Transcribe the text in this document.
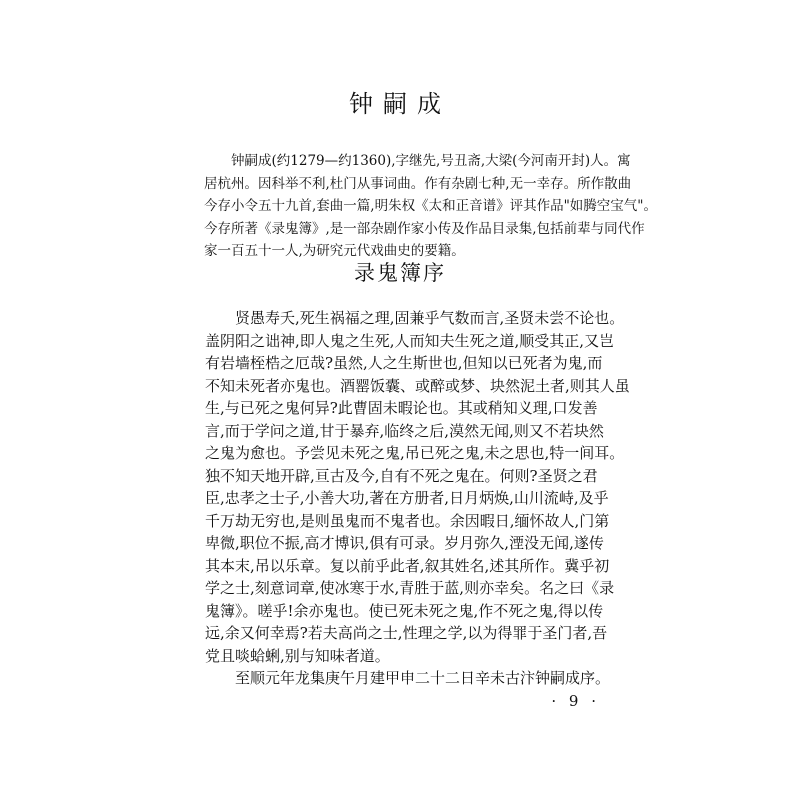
钟嗣成
钟嗣成(约1279—约1360),字继先,号丑斋,大梁(今河南开封)人。寓
居杭州。因科举不利,杜门从事词曲。作有杂剧七种,无一幸存。所作散曲
今存小令五十九首,套曲一篇,明朱权《太和正音谱》评其作品"如腾空宝气"。
今存所著《录鬼簿》,是一部杂剧作家小传及作品目录集,包括前辈与同代作
家一百五十一人,为研究元代戏曲史的要籍。
录鬼簿序
贤愚寿夭,死生祸福之理,固兼乎气数而言,圣贤未尝不论也。
盖阴阳之诎神,即人鬼之生死,人而知夫生死之道,顺受其正,又岂
有岩墙桎梏之厄哉?虽然,人之生斯世也,但知以已死者为鬼,而
不知未死者亦鬼也。酒罂饭囊、或醉或梦、块然泥土者,则其人虽
生,与已死之鬼何异?此曹固未暇论也。其或稍知义理,口发善
言,而于学问之道,甘于暴弃,临终之后,漠然无闻,则又不若块然
之鬼为愈也。予尝见未死之鬼,吊已死之鬼,未之思也,特一间耳。
独不知天地开辟,亘古及今,自有不死之鬼在。何则?圣贤之君
臣,忠孝之士子,小善大功,著在方册者,日月炳焕,山川流峙,及乎
千万劫无穷也,是则虽鬼而不鬼者也。余因暇日,缅怀故人,门第
卑微,职位不振,高才博识,俱有可录。岁月弥久,湮没无闻,遂传
其本末,吊以乐章。复以前乎此者,叙其姓名,述其所作。冀乎初
学之士,刻意词章,使冰寒于水,青胜于蓝,则亦幸矣。名之曰《录
鬼簿》。嗟乎!余亦鬼也。使已死未死之鬼,作不死之鬼,得以传
远,余又何幸焉?若夫高尚之士,性理之学,以为得罪于圣门者,吾
党且啖蛤蜊,别与知味者道。
至顺元年龙集庚午月建甲申二十二日辛未古汴钟嗣成序。
· 9 ·
